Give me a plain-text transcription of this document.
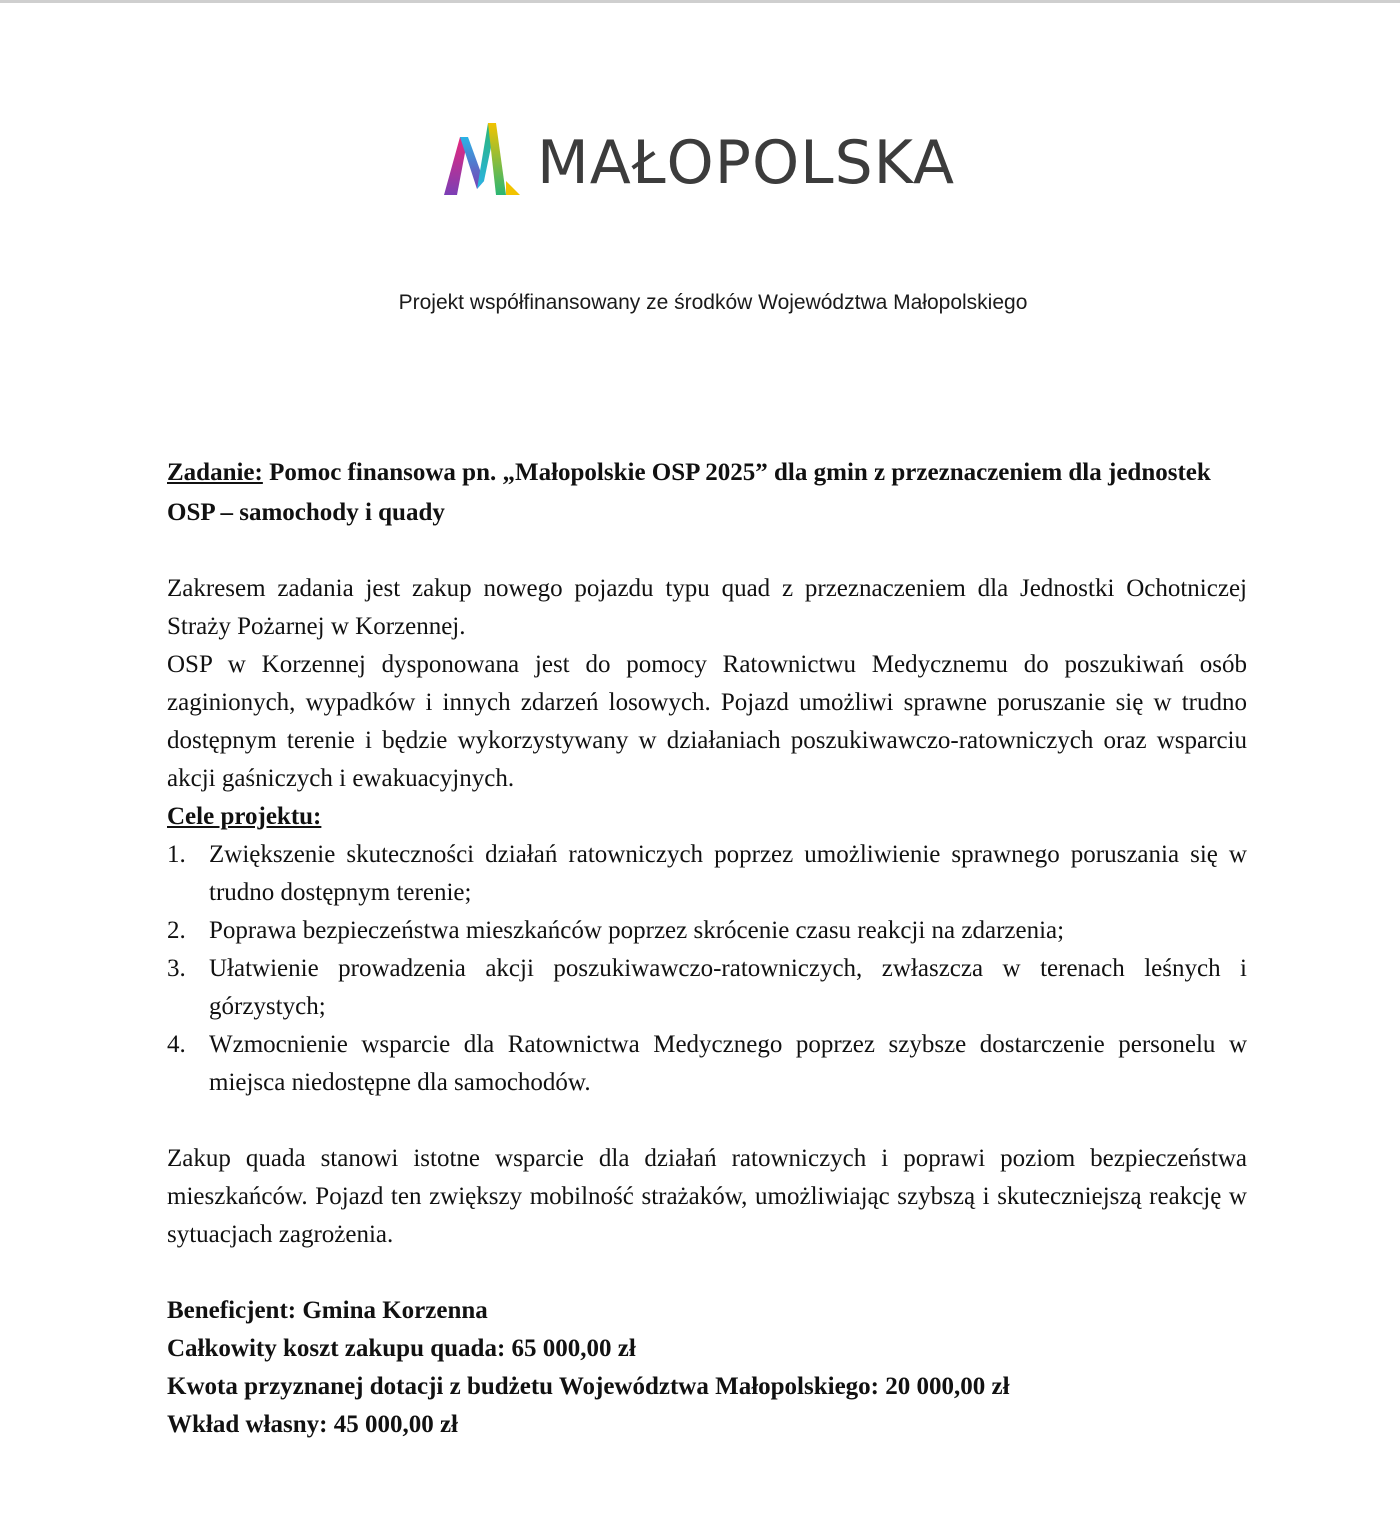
MAŁOPOLSKA
Projekt współfinansowany ze środków Województwa Małopolskiego

Zadanie: Pomoc finansowa pn. „Małopolskie OSP 2025” dla gmin z przeznaczeniem dla jednostek OSP – samochody i quady

Zakresem zadania jest zakup nowego pojazdu typu quad z przeznaczeniem dla Jednostki Ochotniczej Straży Pożarnej w Korzennej.

OSP w Korzennej dysponowana jest do pomocy Ratownictwu Medycznemu do poszukiwań osób zaginionych, wypadków i innych zdarzeń losowych. Pojazd umożliwi sprawne poruszanie się w trudno dostępnym terenie i będzie wykorzystywany w działaniach poszukiwawczo-ratowniczych oraz wsparciu akcji gaśniczych i ewakuacyjnych.

Cele projektu:

1. Zwiększenie skuteczności działań ratowniczych poprzez umożliwienie sprawnego poruszania się w trudno dostępnym terenie;
2. Poprawa bezpieczeństwa mieszkańców poprzez skrócenie czasu reakcji na zdarzenia;
3. Ułatwienie prowadzenia akcji poszukiwawczo-ratowniczych, zwłaszcza w terenach leśnych i górzystych;
4. Wzmocnienie wsparcie dla Ratownictwa Medycznego poprzez szybsze dostarczenie personelu w miejsca niedostępne dla samochodów.

Zakup quada stanowi istotne wsparcie dla działań ratowniczych i poprawi poziom bezpieczeństwa mieszkańców. Pojazd ten zwiększy mobilność strażaków, umożliwiając szybszą i skuteczniejszą reakcję w sytuacjach zagrożenia.

Beneficjent: Gmina Korzenna

Całkowity koszt zakupu quada: 65 000,00 zł

Kwota przyznanej dotacji z budżetu Województwa Małopolskiego: 20 000,00 zł

Wkład własny: 45 000,00 zł
